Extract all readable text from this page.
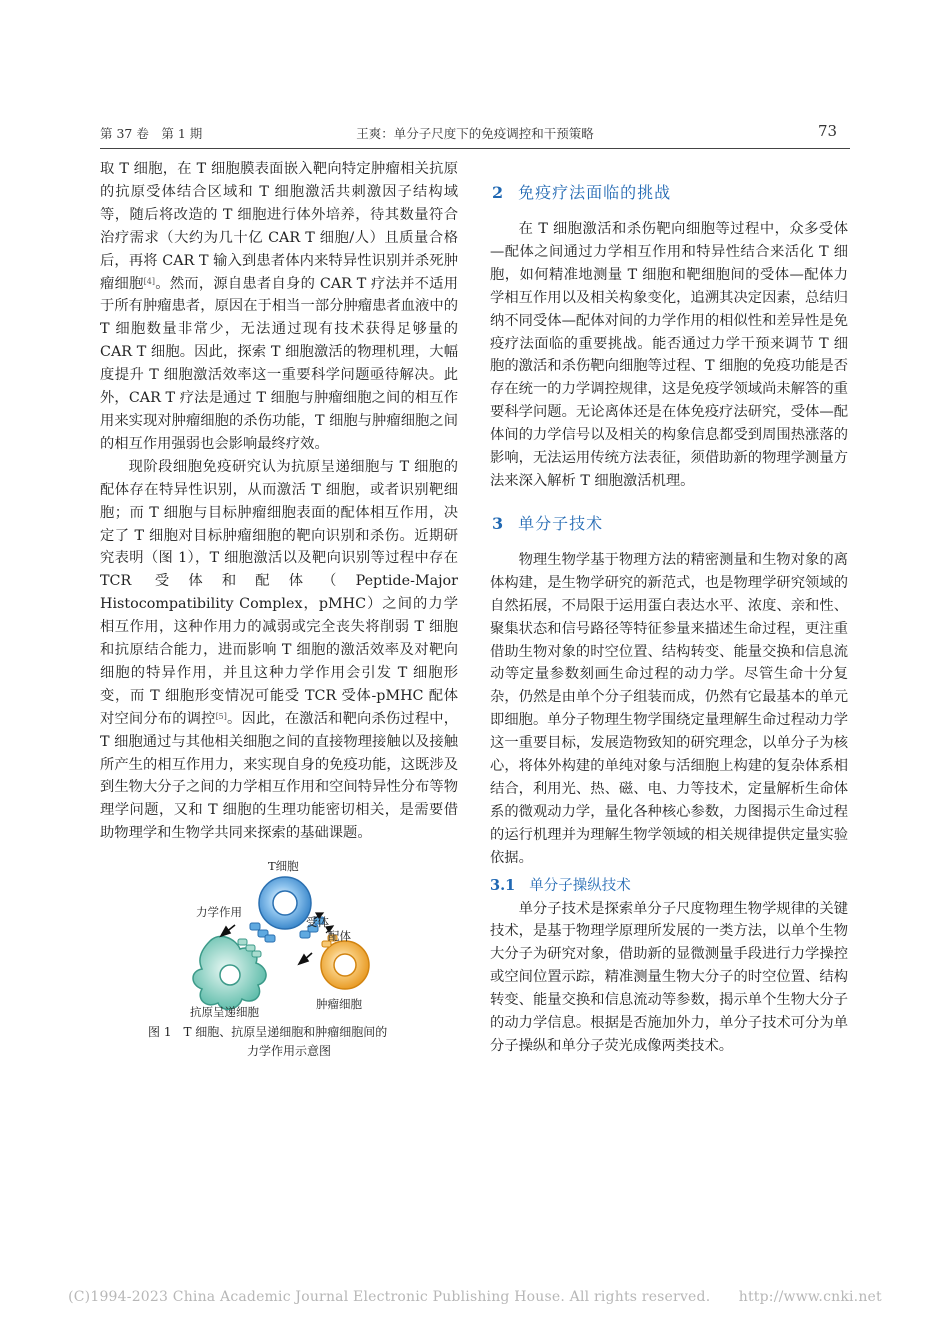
第 37 卷　第 1 期	王爽：单分子尺度下的免疫调控和干预策略	73

取 T 细胞，在 T 细胞膜表面嵌入靶向特定肿瘤相关抗原的抗原受体结合区域和 T 细胞激活共刺激因子结构域等，随后将改造的 T 细胞进行体外培养，待其数量符合治疗需求（大约为几十亿 CAR T 细胞/人）且质量合格后，再将 CAR T 输入到患者体内来特异性识别并杀死肿瘤细胞[4]。然而，源自患者自身的 CAR T 疗法并不适用于所有肿瘤患者，原因在于相当一部分肿瘤患者血液中的 T 细胞数量非常少，无法通过现有技术获得足够量的 CAR T 细胞。因此，探索 T 细胞激活的物理机理，大幅度提升 T 细胞激活效率这一重要科学问题亟待解决。此外，CAR T 疗法是通过 T 细胞与肿瘤细胞之间的相互作用来实现对肿瘤细胞的杀伤功能，T 细胞与肿瘤细胞之间的相互作用强弱也会影响最终疗效。

现阶段细胞免疫研究认为抗原呈递细胞与 T 细胞的配体存在特异性识别，从而激活 T 细胞，或者识别靶细胞；而 T 细胞与目标肿瘤细胞表面的配体相互作用，决定了 T 细胞对目标肿瘤细胞的靶向识别和杀伤。近期研究表明（图 1），T 细胞激活以及靶向识别等过程中存在 TCR 受体和配体（Peptide-Major Histocompatibility Complex，pMHC）之间的力学相互作用，这种作用力的减弱或完全丧失将削弱 T 细胞和抗原结合能力，进而影响 T 细胞的激活效率及对靶向细胞的特异作用，并且这种力学作用会引发 T 细胞形变，而 T 细胞形变情况可能受 TCR 受体-pMHC 配体对空间分布的调控[5]。因此，在激活和靶向杀伤过程中，T 细胞通过与其他相关细胞之间的直接物理接触以及接触所产生的相互作用力，来实现自身的免疫功能，这既涉及到生物大分子之间的力学相互作用和空间特异性分布等物理学问题，又和 T 细胞的生理功能密切相关，是需要借助物理学和生物学共同来探索的基础课题。

T细胞
力学作用
受体
配体
抗原呈递细胞
肿瘤细胞
图 1 T 细胞、抗原呈递细胞和肿瘤细胞间的
力学作用示意图
2 免疫疗法面临的挑战

在 T 细胞激活和杀伤靶向细胞等过程中，众多受体—配体之间通过力学相互作用和特异性结合来活化 T 细胞，如何精准地测量 T 细胞和靶细胞间的受体—配体力学相互作用以及相关构象变化，追溯其决定因素，总结归纳不同受体—配体对间的力学作用的相似性和差异性是免疫疗法面临的重要挑战。能否通过力学干预来调节 T 细胞的激活和杀伤靶向细胞等过程、T 细胞的免疫功能是否存在统一的力学调控规律，这是免疫学领域尚未解答的重要科学问题。无论离体还是在体免疫疗法研究，受体—配体间的力学信号以及相关的构象信息都受到周围热涨落的影响，无法运用传统方法表征，须借助新的物理学测量方法来深入解析 T 细胞激活机理。

3 单分子技术

物理生物学基于物理方法的精密测量和生物对象的离体构建，是生物学研究的新范式，也是物理学研究领域的自然拓展，不局限于运用蛋白表达水平、浓度、亲和性、聚集状态和信号路径等特征参量来描述生命过程，更注重借助生物对象的时空位置、结构转变、能量交换和信息流动等定量参数刻画生命过程的动力学。尽管生命十分复杂，仍然是由单个分子组装而成，仍然有它最基本的单元即细胞。单分子物理生物学围绕定量理解生命过程动力学这一重要目标，发展造物致知的研究理念，以单分子为核心，将体外构建的单纯对象与活细胞上构建的复杂体系相结合，利用光、热、磁、电、力等技术，定量解析生命体系的微观动力学，量化各种核心参数，力图揭示生命过程的运行机理并为理解生物学领域的相关规律提供定量实验依据。

3.1 单分子操纵技术

单分子技术是探索单分子尺度物理生物学规律的关键技术，是基于物理学原理所发展的一类方法，以单个生物大分子为研究对象，借助新的显微测量手段进行力学操控或空间位置示踪，精准测量生物大分子的时空位置、结构转变、能量交换和信息流动等参数，揭示单个生物大分子的动力学信息。根据是否施加外力，单分子技术可分为单分子操纵和单分子荧光成像两类技术。

(C)1994-2023 China Academic Journal Electronic Publishing House. All rights reserved.　　http://www.cnki.net
